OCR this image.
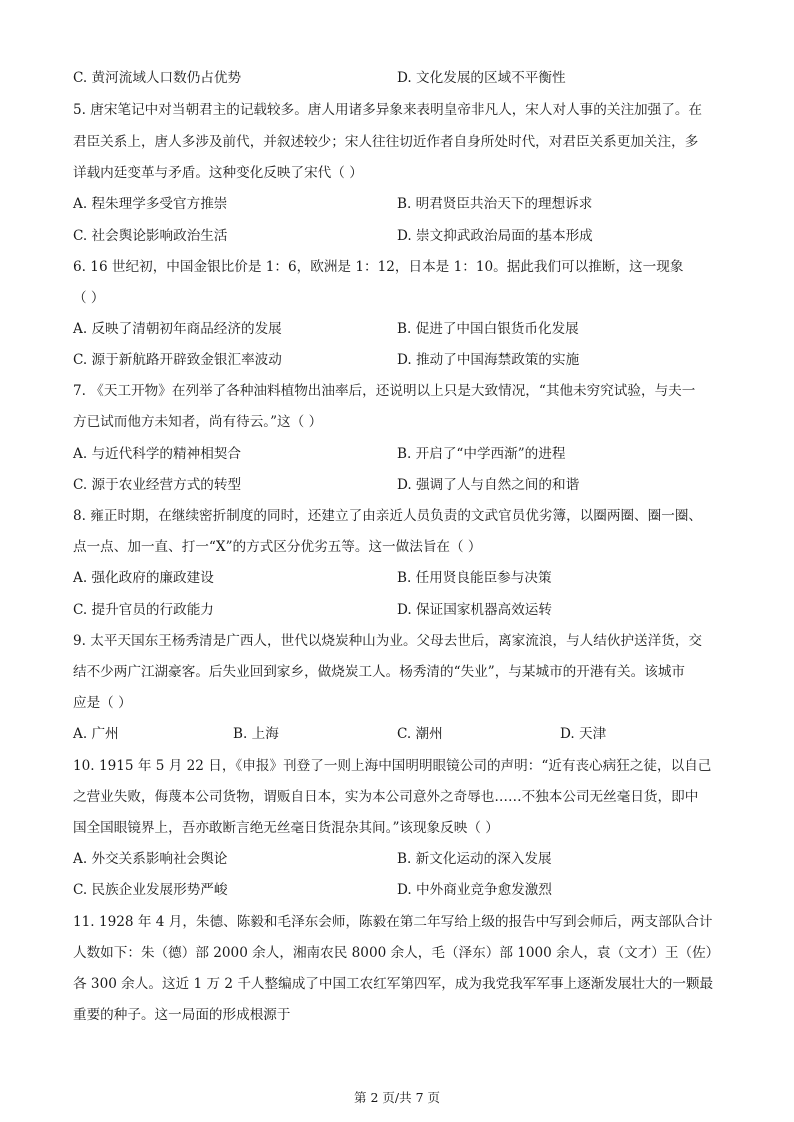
C. 黄河流域人口数仍占优势	D. 文化发展的区域不平衡性
5. 唐宋笔记中对当朝君主的记载较多。唐人用诸多异象来表明皇帝非凡人，宋人对人事的关注加强了。在
君臣关系上，唐人多涉及前代，并叙述较少；宋人往往切近作者自身所处时代，对君臣关系更加关注，多
详载内廷变革与矛盾。这种变化反映了宋代（ ）
A. 程朱理学多受官方推崇	B. 明君贤臣共治天下的理想诉求
C. 社会舆论影响政治生活	D. 崇文抑武政治局面的基本形成
6. 16 世纪初，中国金银比价是 1：6，欧洲是 1：12，日本是 1：10。据此我们可以推断，这一现象
（ ）
A. 反映了清朝初年商品经济的发展	B. 促进了中国白银货币化发展
C. 源于新航路开辟致金银汇率波动	D. 推动了中国海禁政策的实施
7. 《天工开物》在列举了各种油料植物出油率后，还说明以上只是大致情况，“其他未穷究试验，与夫一
方已试而他方未知者，尚有待云。”这（ ）
A. 与近代科学的精神相契合	B. 开启了“中学西渐”的进程
C. 源于农业经营方式的转型	D. 强调了人与自然之间的和谐
8. 雍正时期，在继续密折制度的同时，还建立了由亲近人员负责的文武官员优劣簿，以圈两圈、圈一圈、
点一点、加一直、打一“X”的方式区分优劣五等。这一做法旨在（ ）
A. 强化政府的廉政建设	B. 任用贤良能臣参与决策
C. 提升官员的行政能力	D. 保证国家机器高效运转
9. 太平天国东王杨秀清是广西人，世代以烧炭种山为业。父母去世后，离家流浪，与人结伙护送洋货，交
结不少两广江湖豪客。后失业回到家乡，做烧炭工人。杨秀清的“失业”，与某城市的开港有关。该城市
应是（ ）
A. 广州	B. 上海	C. 潮州	D. 天津
10. 1915 年 5 月 22 日，《申报》刊登了一则上海中国明明眼镜公司的声明：“近有丧心病狂之徒，以自己
之营业失败，侮蔑本公司货物，谓贩自日本，实为本公司意外之奇辱也……不独本公司无丝毫日货，即中
国全国眼镜界上，吾亦敢断言绝无丝毫日货混杂其间。”该现象反映（ ）
A. 外交关系影响社会舆论	B. 新文化运动的深入发展
C. 民族企业发展形势严峻	D. 中外商业竞争愈发激烈
11. 1928 年 4 月，朱德、陈毅和毛泽东会师，陈毅在第二年写给上级的报告中写到会师后，两支部队合计
人数如下：朱（德）部 2000 余人，湘南农民 8000 余人，毛（泽东）部 1000 余人，袁（文才）王（佐）
各 300 余人。这近 1 万 2 千人整编成了中国工农红军第四军，成为我党我军军事上逐渐发展壮大的一颗最
重要的种子。这一局面的形成根源于
第 2 页/共 7 页
